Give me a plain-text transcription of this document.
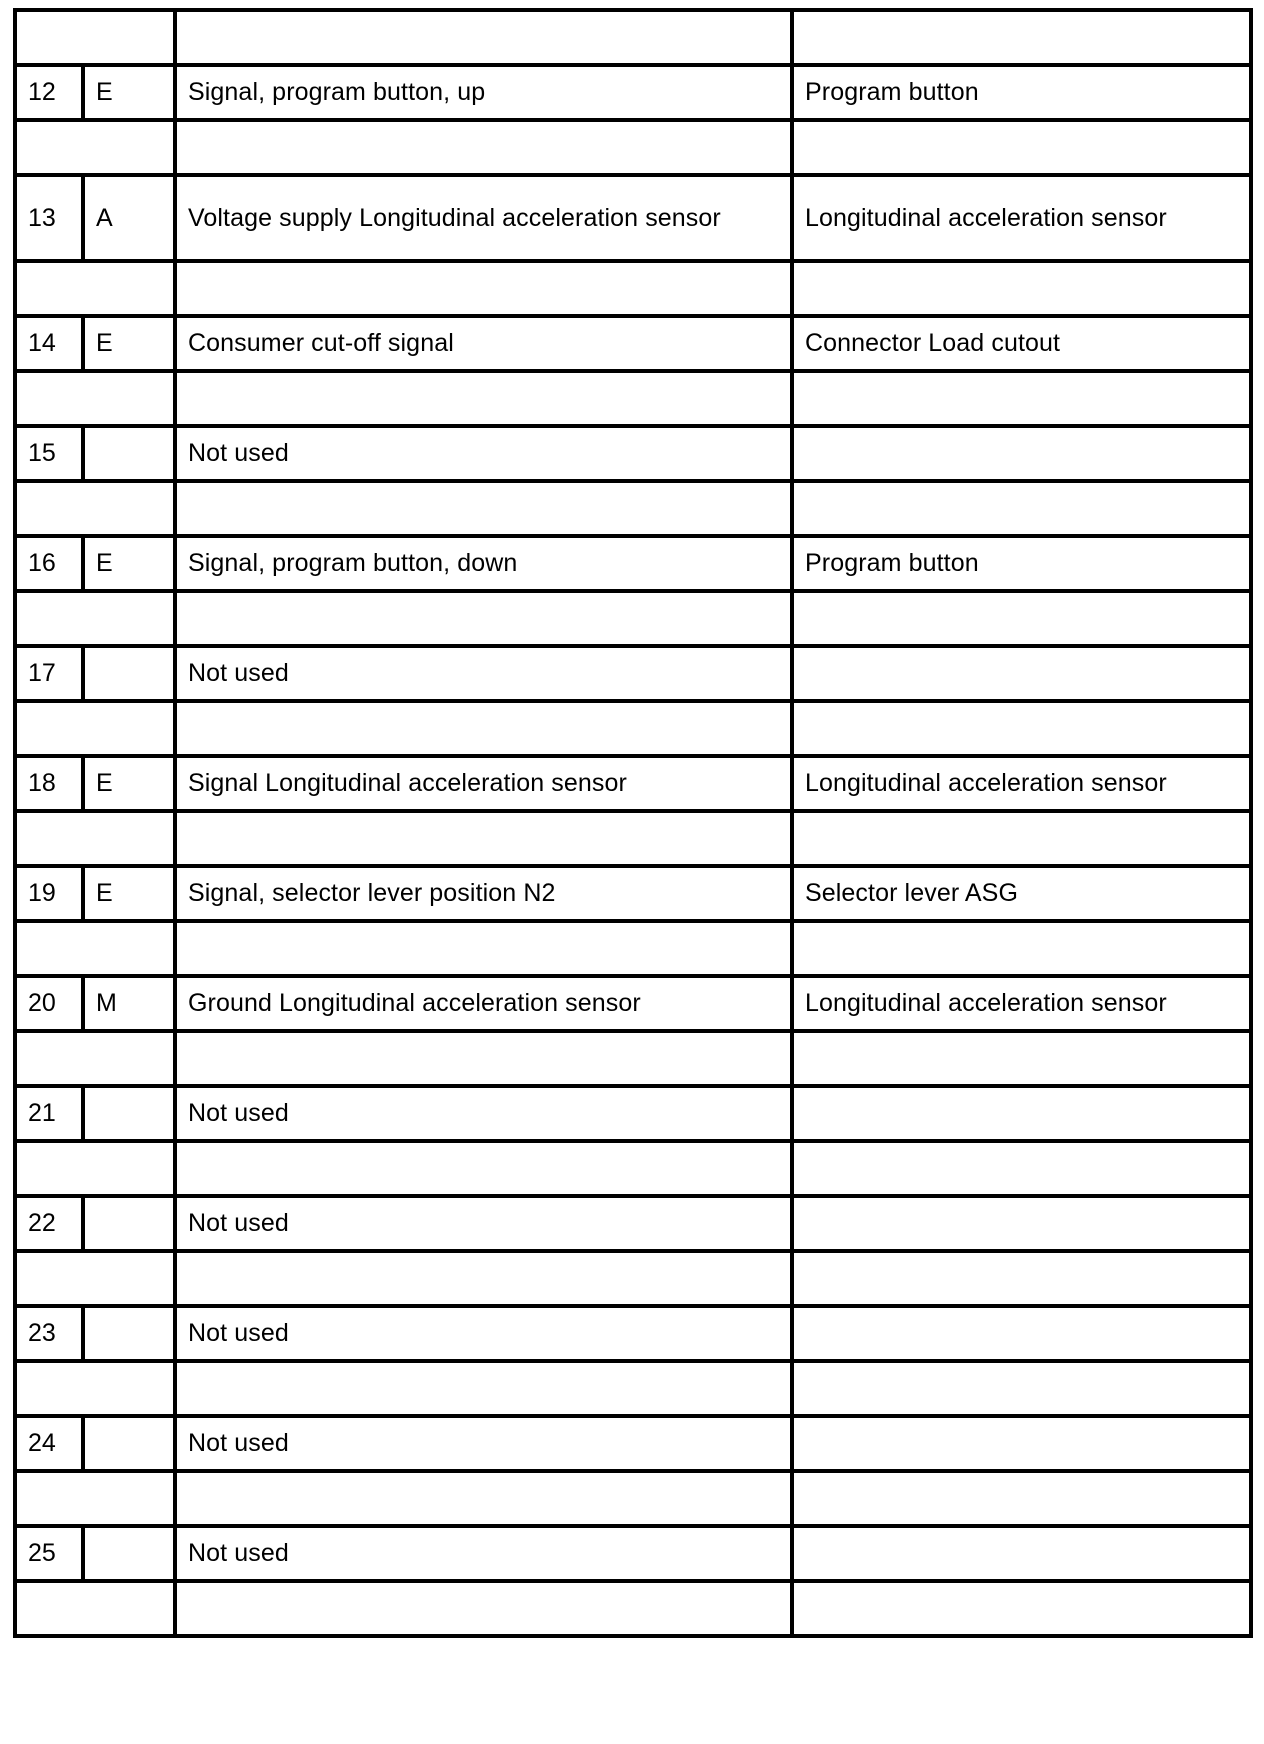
12	E	Signal, program button, up	Program button

13	A	Voltage supply Longitudinal acceleration sensor	Longitudinal acceleration sensor

14	E	Consumer cut-off signal	Connector Load cutout

15		Not used	

16	E	Signal, program button, down	Program button

17		Not used	

18	E	Signal Longitudinal acceleration sensor	Longitudinal acceleration sensor

19	E	Signal, selector lever position N2	Selector lever ASG

20	M	Ground Longitudinal acceleration sensor	Longitudinal acceleration sensor

21		Not used	

22		Not used	

23		Not used	

24		Not used	

25		Not used	
